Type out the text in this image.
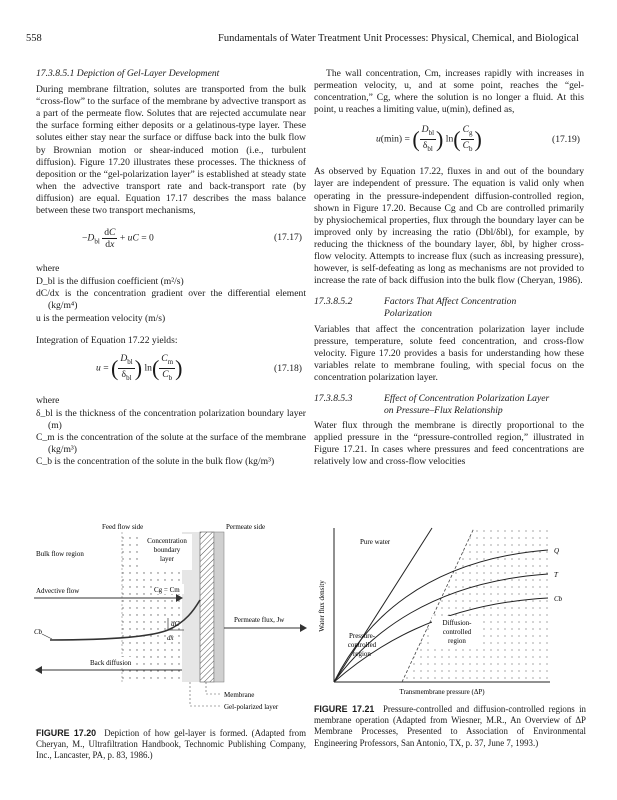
558	Fundamentals of Water Treatment Unit Processes: Physical, Chemical, and Biological

17.3.8.5.1 Depiction of Gel-Layer Development

During membrane filtration, solutes are transported from the bulk “cross-flow” to the surface of the membrane by advective transport as a part of the permeate flow. Solutes that are rejected accumulate near the surface forming either deposits or a gelatinous-type layer. These solutes either stay near the surface or diffuse back into the bulk flow by Brownian motion or shear-induced motion (i.e., turbulent diffusion). Figure 17.20 illustrates these processes. The thickness of deposition or the “gel-polarization layer” is established at steady state when the advective transport rate and back-transport rate (by diffusion) are equal. Equation 17.17 describes the mass balance between these two transport mechanisms,

$-D_{bl} \frac{dC}{dx}$ + uC = 0	(17.17)

where

D_bl is the diffusion coefficient (m²/s)

dC/dx is the concentration gradient over the differential element (kg/m⁴)

u is the permeation velocity (m/s)

Integration of Equation 17.22 yields:

u = ( $\frac{D_{bl}}{\delta_{bl}}$ ) $\ln( \frac{C_m}{C_b}$ )	(17.18)

where

δ_bl is the thickness of the concentration polarization boundary layer (m)

C_m is the concentration of the solute at the surface of the membrane (kg/m³)

C_b is the concentration of the solute in the bulk flow (kg/m³)

The wall concentration, Cm, increases rapidly with increases in permeation velocity, u, and at some point, reaches the “gel-concentration,” Cg, where the solution is no longer a fluid. At this point, u reaches a limiting value, u(min), defined as,

u(min) = ( $\frac{D_{bl}}{\delta_{bl}}$ ) $\ln( \frac{C_g}{C_b}$ )	(17.19)

As observed by Equation 17.22, fluxes in and out of the boundary layer are independent of pressure. The equation is valid only when operating in the pressure-independent diffusion-controlled region, shown in Figure 17.20. Because Cg and Cb are controlled primarily by physiochemical properties, flux through the boundary layer can be improved only by increasing the ratio (Dbl/δbl), for example, by reducing the thickness of the boundary layer, δbl, by higher cross-flow velocity. Attempts to increase flux (such as increasing pressure), however, is self-defeating as long as mechanisms are not provided to increase the rate of back diffusion into the bulk flow (Cheryan, 1986).

17.3.8.5.2	Factors That Affect Concentration
Polarization

Variables that affect the concentration polarization layer include pressure, temperature, solute feed concentration, and cross-flow velocity. Figure 17.20 provides a basis for understanding how these variables relate to membrane fouling, with special focus on the concentration polarization layer.

17.3.8.5.3	Effect of Concentration Polarization Layer
on Pressure–Flux Relationship

Water flux through the membrane is directly proportional to the applied pressure in the “pressure-controlled region,” illustrated in Figure 17.21. In cases where pressures and feed concentrations are relatively low and cross-flow velocities

Feed flow side	Permeate side
Concentration
boundary
layer
Bulk flow region
Advective flow	Cg = Cm
dC
dx
Cb
Permeate flux, Jw
Back diffusion
Membrane
Gel-polarized layer
FIGURE 17.20 Depiction of how gel-layer is formed. (Adapted from Cheryan, M., Ultrafiltration Handbook, Technomic Publishing Company, Inc., Lancaster, PA, p. 83, 1986.)
Pure water
Q
T
Cb
Diffusion-
controlled
region
Pressure-
controlled
region
Water flux density
Transmembrane pressure (ΔP)
FIGURE 17.21 Pressure-controlled and diffusion-controlled regions in membrane operation (Adapted from Wiesner, M.R., An Overview of ΔP Membrane Processes, Presented to Association of Environmental Engineering Professors, San Antonio, TX, p. 37, June 7, 1993.)
